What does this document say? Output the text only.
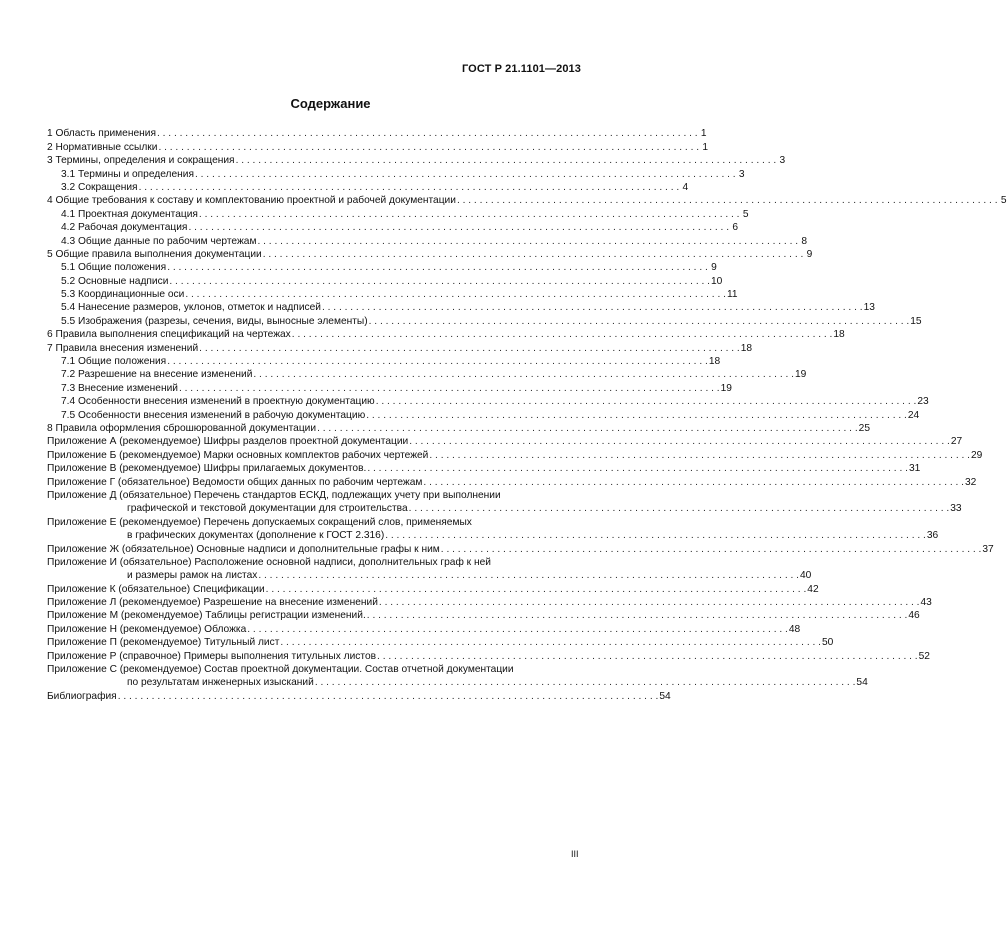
ГОСТ Р 21.1101—2013
Содержание
1 Область применения . . .	1
2 Нормативные ссылки . . .	1
3 Термины, определения и сокращения . . .	3
3.1 Термины и определения . . .	3
3.2 Сокращения . . .	4
4 Общие требования к составу и комплектованию проектной и рабочей документации . . .	5
4.1 Проектная документация . . .	5
4.2 Рабочая документация . . .	6
4.3 Общие данные по рабочим чертежам . . .	8
5 Общие правила выполнения документации . . .	9
5.1 Общие положения . . .	9
5.2 Основные надписи . . .	10
5.3 Координационные оси . . .	11
5.4 Нанесение размеров, уклонов, отметок и надписей . . .	13
5.5 Изображения (разрезы, сечения, виды, выносные элементы) . . .	15
6 Правила выполнения спецификаций на чертежах . . .	18
7 Правила внесения изменений . . .	18
7.1 Общие положения . . .	18
7.2 Разрешение на внесение изменений . . .	19
7.3 Внесение изменений . . .	19
7.4 Особенности внесения изменений в проектную документацию . . .	23
7.5 Особенности внесения изменений в рабочую документацию . . .	24
8 Правила оформления сброшюрованной документации . . .	25
Приложение А (рекомендуемое) Шифры разделов проектной документации . . .	27
Приложение Б (рекомендуемое) Марки основных комплектов рабочих чертежей . . .	29
Приложение В (рекомендуемое) Шифры прилагаемых документов. . . .	31
Приложение Г (обязательное) Ведомости общих данных по рабочим чертежам . . .	32
Приложение Д (обязательное) Перечень стандартов ЕСКД, подлежащих учету при выполнении
графической и текстовой документации для строительства . . .	33
Приложение Е (рекомендуемое) Перечень допускаемых сокращений слов, применяемых
в графических документах (дополнение к ГОСТ 2.316) . . .	36
Приложение Ж (обязательное) Основные надписи и дополнительные графы к ним . . .	37
Приложение И (обязательное) Расположение основной надписи, дополнительных граф к ней
и размеры рамок на листах . . .	40
Приложение К (обязательное) Спецификации . . .	42
Приложение Л (рекомендуемое) Разрешение на внесение изменений . . .	43
Приложение М (рекомендуемое) Таблицы регистрации изменений. . . .	46
Приложение Н (рекомендуемое) Обложка . . .	48
Приложение П (рекомендуемое) Титульный лист . . .	50
Приложение Р (справочное) Примеры выполнения титульных листов . . .	52
Приложение С (рекомендуемое) Состав проектной документации. Состав отчетной документации
по результатам инженерных изысканий . . .	54
Библиография . . .	54
III
